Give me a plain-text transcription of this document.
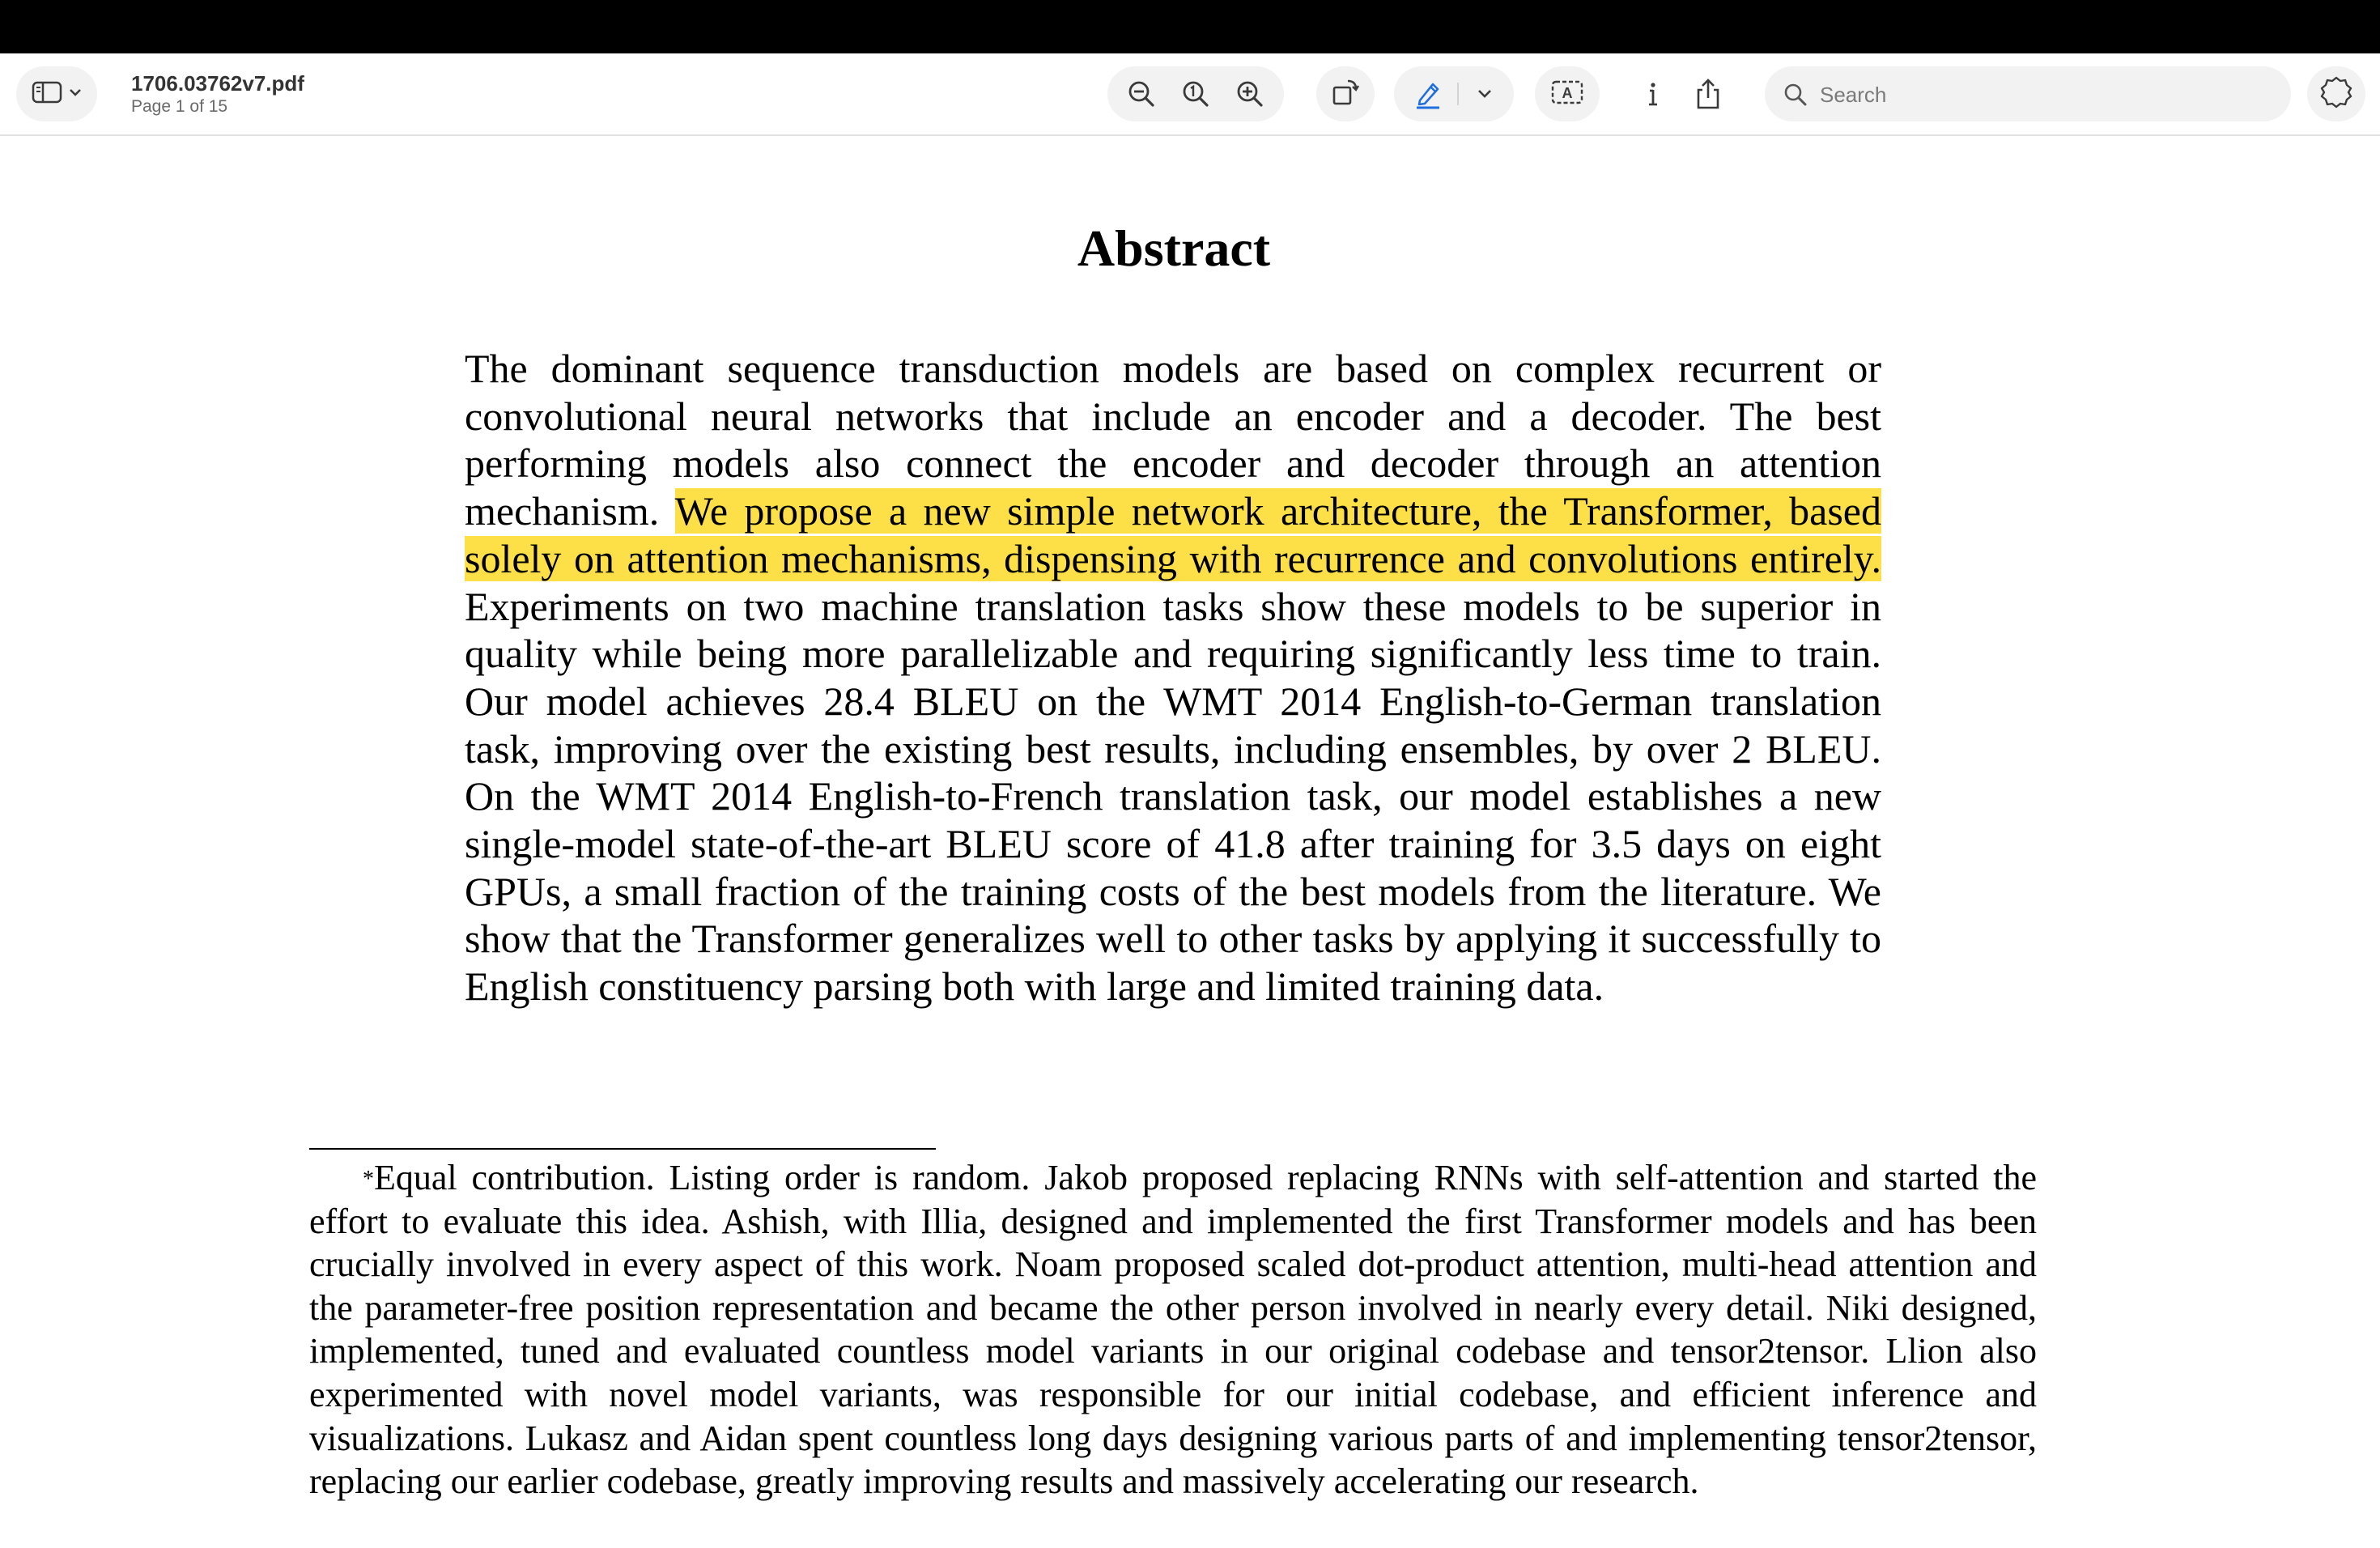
1706.03762v7.pdf
Page 1 of 15
A
Search
Abstract

The dominant sequence transduction models are based on complex recurrent or convolutional neural networks that include an encoder and a decoder. The best performing models also connect the encoder and decoder through an attention mechanism. We propose a new simple network architecture, the Transformer, based solely on attention mechanisms, dispensing with recurrence and convolutions entirely. Experiments on two machine translation tasks show these models to be superior in quality while being more parallelizable and requiring significantly less time to train. Our model achieves 28.4 BLEU on the WMT 2014 English-to-German translation task, improving over the existing best results, including ensembles, by over 2 BLEU. On the WMT 2014 English-to-French translation task, our model establishes a new single-model state-of-the-art BLEU score of 41.8 after training for 3.5 days on eight GPUs, a small fraction of the training costs of the best models from the literature. We show that the Transformer generalizes well to other tasks by applying it successfully to English constituency parsing both with large and limited training data.

*Equal contribution. Listing order is random. Jakob proposed replacing RNNs with self-attention and started the effort to evaluate this idea. Ashish, with Illia, designed and implemented the first Transformer models and has been crucially involved in every aspect of this work. Noam proposed scaled dot-product attention, multi-head attention and the parameter-free position representation and became the other person involved in nearly every detail. Niki designed, implemented, tuned and evaluated countless model variants in our original codebase and tensor2tensor. Llion also experimented with novel model variants, was responsible for our initial codebase, and efficient inference and visualizations. Lukasz and Aidan spent countless long days designing various parts of and implementing tensor2tensor, replacing our earlier codebase, greatly improving results and massively accelerating our research.
